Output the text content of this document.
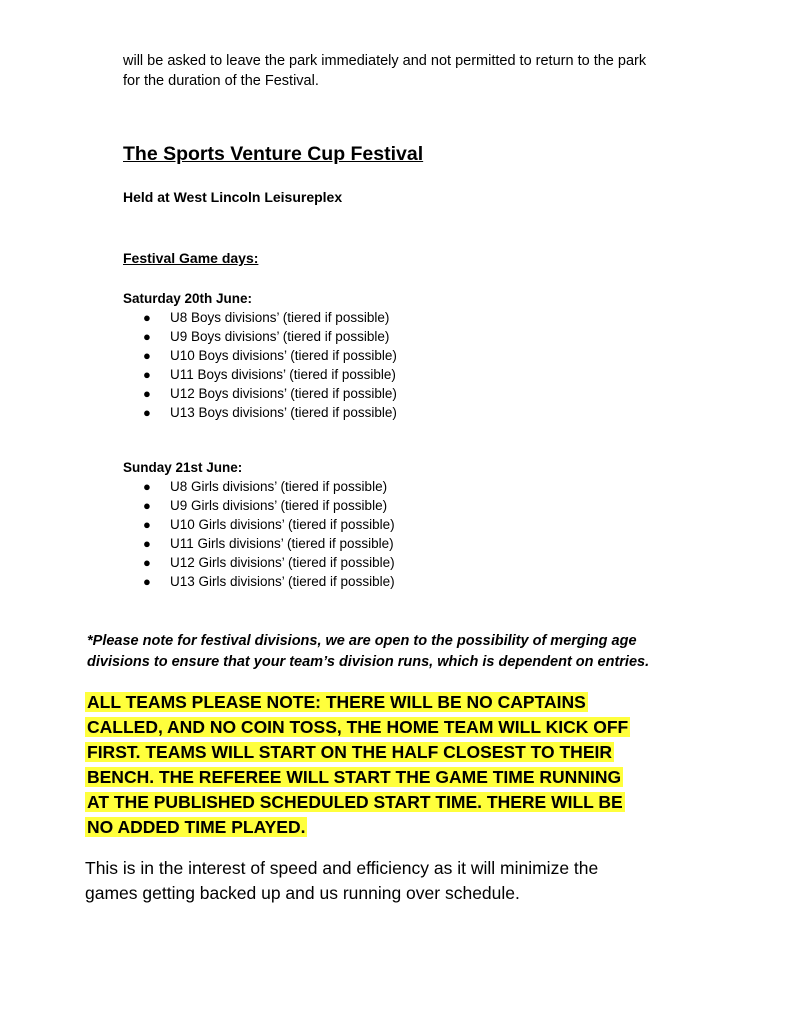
will be asked to leave the park immediately and not permitted to return to the park

for the duration of the Festival.

The Sports Venture Cup Festival

Held at West Lincoln Leisureplex

Festival Game days:

Saturday 20th June:

● U8 Boys divisions’ (tiered if possible)
● U9 Boys divisions’ (tiered if possible)
● U10 Boys divisions’ (tiered if possible)
● U11 Boys divisions’ (tiered if possible)
● U12 Boys divisions’ (tiered if possible)
● U13 Boys divisions’ (tiered if possible)

Sunday 21st June:

● U8 Girls divisions’ (tiered if possible)
● U9 Girls divisions’ (tiered if possible)
● U10 Girls divisions’ (tiered if possible)
● U11 Girls divisions’ (tiered if possible)
● U12 Girls divisions’ (tiered if possible)
● U13 Girls divisions’ (tiered if possible)
*Please note for festival divisions, we are open to the possibility of merging age
divisions to ensure that your team’s division runs, which is dependent on entries.
ALL TEAMS PLEASE NOTE: THERE WILL BE NO CAPTAINS
CALLED, AND NO COIN TOSS, THE HOME TEAM WILL KICK OFF
FIRST. TEAMS WILL START ON THE HALF CLOSEST TO THEIR
BENCH. THE REFEREE WILL START THE GAME TIME RUNNING
AT THE PUBLISHED SCHEDULED START TIME. THERE WILL BE
NO ADDED TIME PLAYED.
This is in the interest of speed and efficiency as it will minimize the
games getting backed up and us running over schedule.
